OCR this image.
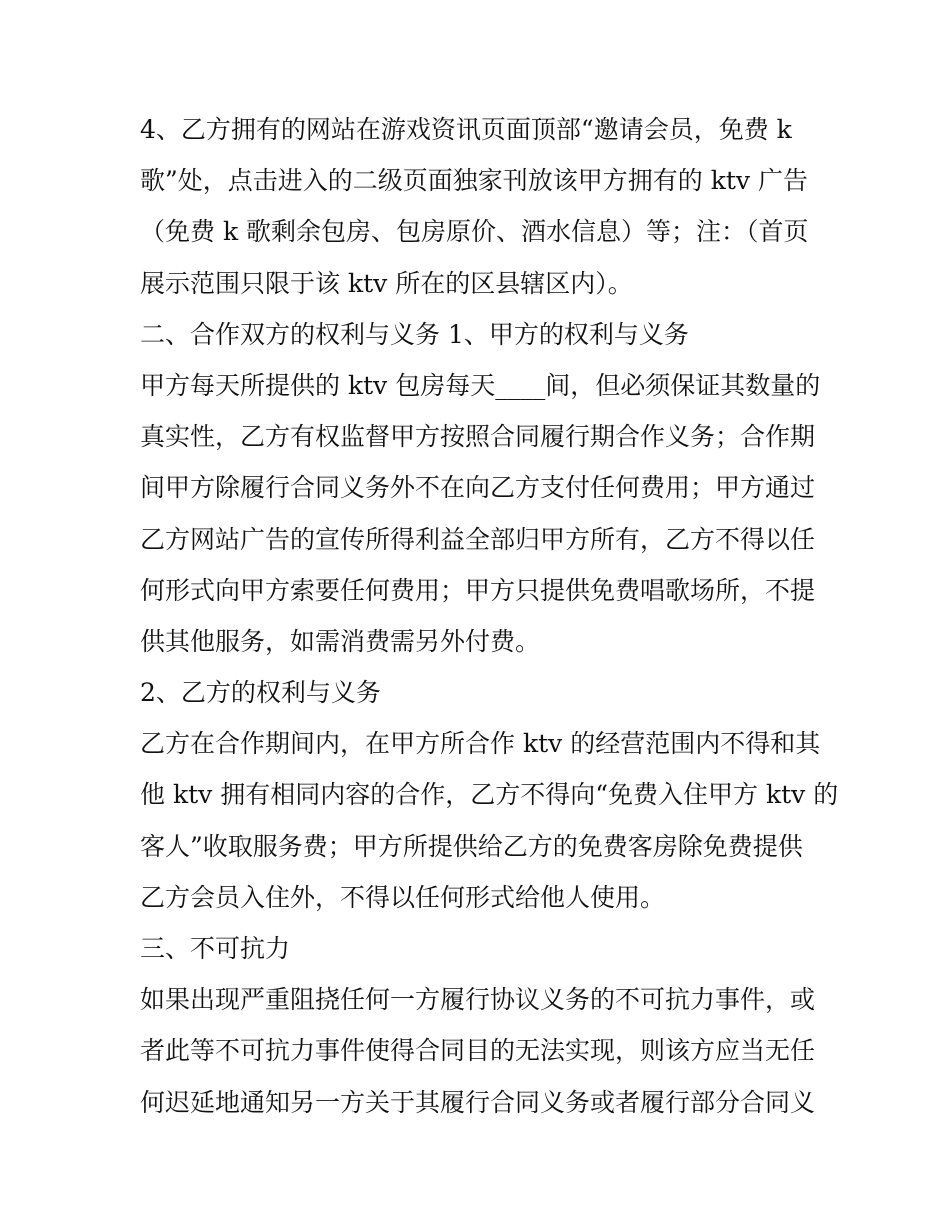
4、乙方拥有的网站在游戏资讯页面顶部“邀请会员，免费 k
歌”处，点击进入的二级页面独家刊放该甲方拥有的 ktv 广告
（免费 k 歌剩余包房、包房原价、酒水信息）等；注：（首页
展示范围只限于该 ktv 所在的区县辖区内）。
二、合作双方的权利与义务 1、甲方的权利与义务
甲方每天所提供的 ktv 包房每天____间，但必须保证其数量的
真实性，乙方有权监督甲方按照合同履行期合作义务；合作期
间甲方除履行合同义务外不在向乙方支付任何费用；甲方通过
乙方网站广告的宣传所得利益全部归甲方所有，乙方不得以任
何形式向甲方索要任何费用；甲方只提供免费唱歌场所，不提
供其他服务，如需消费需另外付费。
2、乙方的权利与义务
乙方在合作期间内，在甲方所合作 ktv 的经营范围内不得和其
他 ktv 拥有相同内容的合作，乙方不得向“免费入住甲方 ktv 的
客人”收取服务费；甲方所提供给乙方的免费客房除免费提供
乙方会员入住外，不得以任何形式给他人使用。
三、不可抗力
如果出现严重阻挠任何一方履行协议义务的不可抗力事件，或
者此等不可抗力事件使得合同目的无法实现，则该方应当无任
何迟延地通知另一方关于其履行合同义务或者履行部分合同义
